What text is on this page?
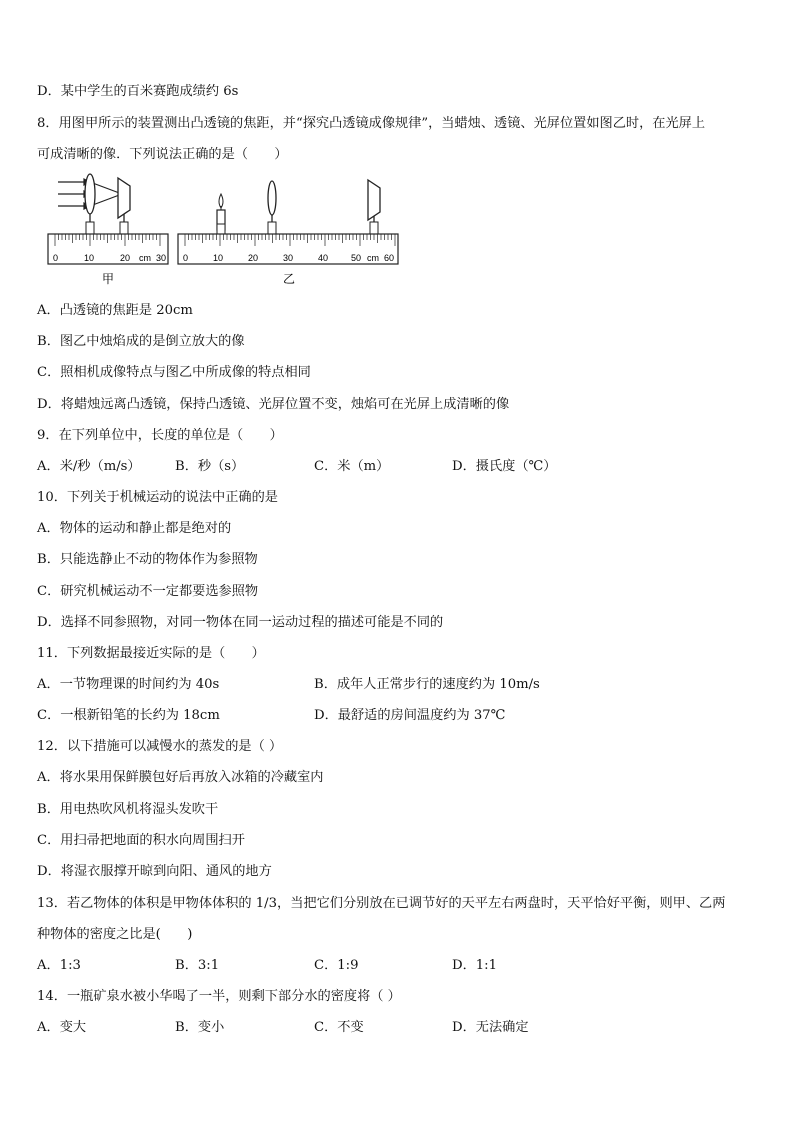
D．某中学生的百米赛跑成绩约 6s
8．用图甲所示的装置测出凸透镜的焦距，并“探究凸透镜成像规律”，当蜡烛、透镜、光屏位置如图乙时，在光屏上
可成清晰的像．下列说法正确的是（　　）
0	10	20 cm 30
甲
0	10	20	30	40	50 cm 60
乙
A．凸透镜的焦距是 20cm
B．图乙中烛焰成的是倒立放大的像
C．照相机成像特点与图乙中所成像的特点相同
D．将蜡烛远离凸透镜，保持凸透镜、光屏位置不变，烛焰可在光屏上成清晰的像
9．在下列单位中，长度的单位是（　　）
A．米/秒（m/s）	B．秒（s）	C．米（m）	D．摄氏度（℃）
10．下列关于机械运动的说法中正确的是
A．物体的运动和静止都是绝对的
B．只能选静止不动的物体作为参照物
C．研究机械运动不一定都要选参照物
D．选择不同参照物，对同一物体在同一运动过程的描述可能是不同的
11．下列数据最接近实际的是（　　）
A．一节物理课的时间约为 40s	B．成年人正常步行的速度约为 10m/s
C．一根新铅笔的长约为 18cm	D．最舒适的房间温度约为 37℃
12．以下措施可以减慢水的蒸发的是（ ）
A．将水果用保鲜膜包好后再放入冰箱的冷藏室内
B．用电热吹风机将湿头发吹干
C．用扫帚把地面的积水向周围扫开
D．将湿衣服撑开晾到向阳、通风的地方
13．若乙物体的体积是甲物体体积的 1/3，当把它们分别放在已调节好的天平左右两盘时，天平恰好平衡，则甲、乙两
种物体的密度之比是(　　)
A．1:3	B．3:1	C．1:9	D．1:1
14．一瓶矿泉水被小华喝了一半，则剩下部分水的密度将（ ）
A．变大	B．变小	C．不变	D．无法确定
